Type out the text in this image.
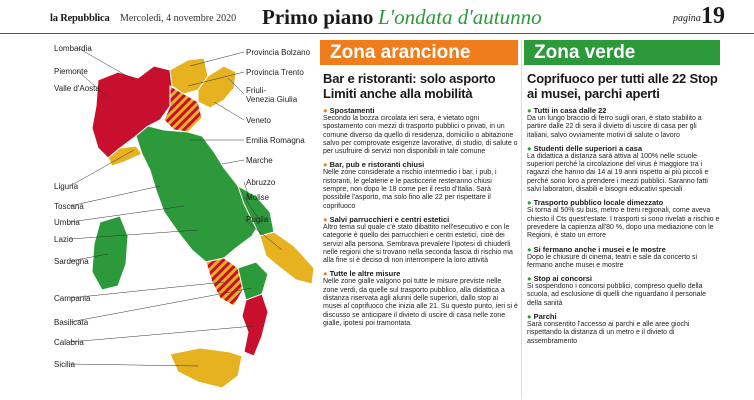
la Repubblica Mercoledì, 4 novembre 2020 Primo piano L'ondata d'autunno	pagina 19
Lombardia
Piemonte
Valle d'Aosta
Liguria
Toscana
Umbria
Lazio
Sardegna
Campania
Basilicata
Calabria
Sicilia
Provincia Bolzano
Provincia Trento
Friuli-
Venezia Giulia
Veneto
Emilia Romagna
Marche
Abruzzo
Molise
Puglia
Zona arancione
Bar e ristoranti: solo asporto Limiti anche alla mobilità
● Spostamenti
Secondo la bozza circolata ieri sera, è vietato ogni spostamento con mezzi di trasporto pubblici o privati, in un comune diverso da quello di residenza, domicilio o abitazione salvo per comprovate esigenze lavorative, di studio, di salute o per usufruire di servizi non disponibili in tale comune
● Bar, pub e ristoranti chiusi
Nelle zone considerate a rischio intermedio i bar, i pub, i ristoranti, le gelaterie e le pasticcerie resteranno chiusi sempre, non dopo le 18 come per il resto d'Italia. Sarà possibile l'asporto, ma solo fino alle 22 per rispettare il coprifuoco
● Salvi parrucchieri e centri estetici
Altro tema sul quale c'è stato dibattito nell'esecutivo e con le categorie è quello dei parrucchieri e centri estetici, cioè dei servizi alla persona. Sembrava prevalere l'ipotesi di chiuderli nelle regioni che si trovano nella seconda fascia di rischio ma alla fine si è deciso di non interrompere la loro attività
● Tutte le altre misure
Nelle zone gialle valgono poi tutte le misure previste nelle zone verdi, da quelle sul trasporto pubblico, alla didattica a distanza riservata agli alunni delle superiori, dallo stop ai musei al coprifuoco che inizia alle 21. Su questo punto, ieri si è discusso se anticipare il divieto di uscire di casa nelle zone gialle, ipotesi poi tramontata.
Zona verde
Coprifuoco per tutti alle 22 Stop ai musei, parchi aperti
● Tutti in casa dalle 22
Da un lungo braccio di ferro sugli orari, è stato stabilito a partire dalle 22 di sera il divieto di uscire di casa per gli italiani, salvo ovviamente motivi di salute o lavoro
● Studenti delle superiori a casa
La didattica a distanza sarà attiva al 100% nelle scuole superiori perché la circolazione del virus è maggiore tra i ragazzi che hanno dai 14 ai 19 anni rispetto ai più piccoli e perché sono loro a prendere i mezzi pubblici. Saranno fatti salvi laboratori, disabili e bisogni educativi speciali
● Trasporto pubblico locale dimezzato
Si torna al 50% su bus, metro e treni regionali, come aveva chiesto il Cts quest'estate. I trasporti si sono rivelati a rischio e prevedere la capienza all'80 %, dopo una mediazione con le Regioni, è stato un errore
● Si fermano anche i musei e le mostre
Dopo le chiusure di cinema, teatri e sale da concerto si fermano anche musei e mostre
● Stop ai concorsi
Si sospendono i concorsi pubblici, compreso quello della scuola, ad esclusione di quelli che riguardano il personale della sanità
● Parchi
Sarà consentito l'accesso ai parchi e alle aree giochi rispettando la distanza di un metro e il divieto di assembramento
